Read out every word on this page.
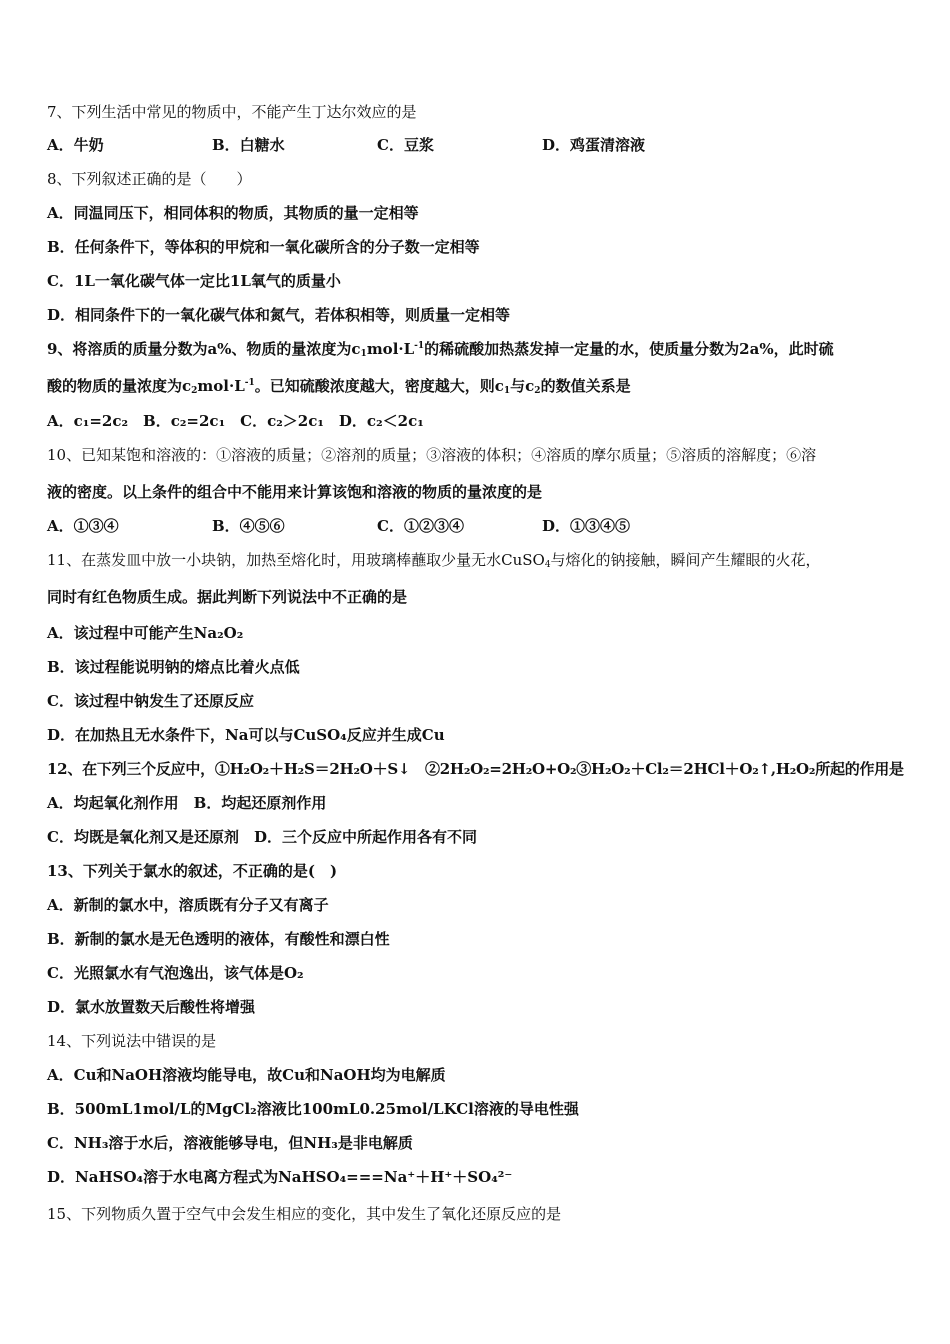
7、下列生活中常见的物质中，不能产生丁达尔效应的是
A．牛奶	B．白糖水	C．豆浆	D．鸡蛋清溶液
8、下列叙述正确的是（　　）
A．同温同压下，相同体积的物质，其物质的量一定相等
B．任何条件下，等体积的甲烷和一氧化碳所含的分子数一定相等
C．1L一氧化碳气体一定比1L氧气的质量小
D．相同条件下的一氧化碳气体和氮气，若体积相等，则质量一定相等
9、将溶质的质量分数为a%、物质的量浓度为$c_1mol\cdot L^{-1}$的稀硫酸加热蒸发掉一定量的水，使质量分数为2a%，此时硫
酸的物质的量浓度为$c_2mol\cdot L^{-1}$。已知硫酸浓度越大，密度越大，则$c_1$与$c_2$的数值关系是
A．c₁=2c₂　B．c₂=2c₁　C．c₂＞2c₁　D．c₂＜2c₁
10、已知某饱和溶液的：①溶液的质量；②溶剂的质量；③溶液的体积；④溶质的摩尔质量；⑤溶质的溶解度；⑥溶
液的密度。以上条件的组合中不能用来计算该饱和溶液的物质的量浓度的是
A．①③④	B．④⑤⑥	C．①②③④	D．①③④⑤
11、在蒸发皿中放一小块钠，加热至熔化时，用玻璃棒蘸取少量无水CuSO$_4$与熔化的钠接触，瞬间产生耀眼的火花，
同时有红色物质生成。据此判断下列说法中不正确的是
A．该过程中可能产生Na₂O₂
B．该过程能说明钠的熔点比着火点低
C．该过程中钠发生了还原反应
D．在加热且无水条件下，Na可以与CuSO₄反应并生成Cu
12、在下列三个反应中，①H₂O₂＋H₂S＝2H₂O＋S↓　②2H₂O₂=2H₂O+O₂③H₂O₂＋Cl₂＝2HCl＋O₂↑,H₂O₂所起的作用是
A．均起氧化剂作用　B．均起还原剂作用
C．均既是氧化剂又是还原剂　D．三个反应中所起作用各有不同
13、下列关于氯水的叙述，不正确的是(　)
A．新制的氯水中，溶质既有分子又有离子
B．新制的氯水是无色透明的液体，有酸性和漂白性
C．光照氯水有气泡逸出，该气体是O₂
D．氯水放置数天后酸性将增强
14、下列说法中错误的是
A．Cu和NaOH溶液均能导电，故Cu和NaOH均为电解质
B．500mL1mol/L的MgCl₂溶液比100mL0.25mol/LKCl溶液的导电性强
C．NH₃溶于水后，溶液能够导电，但NH₃是非电解质
D．NaHSO₄溶于水电离方程式为NaHSO₄===Na⁺＋H⁺＋SO₄²⁻
15、下列物质久置于空气中会发生相应的变化，其中发生了氧化还原反应的是
